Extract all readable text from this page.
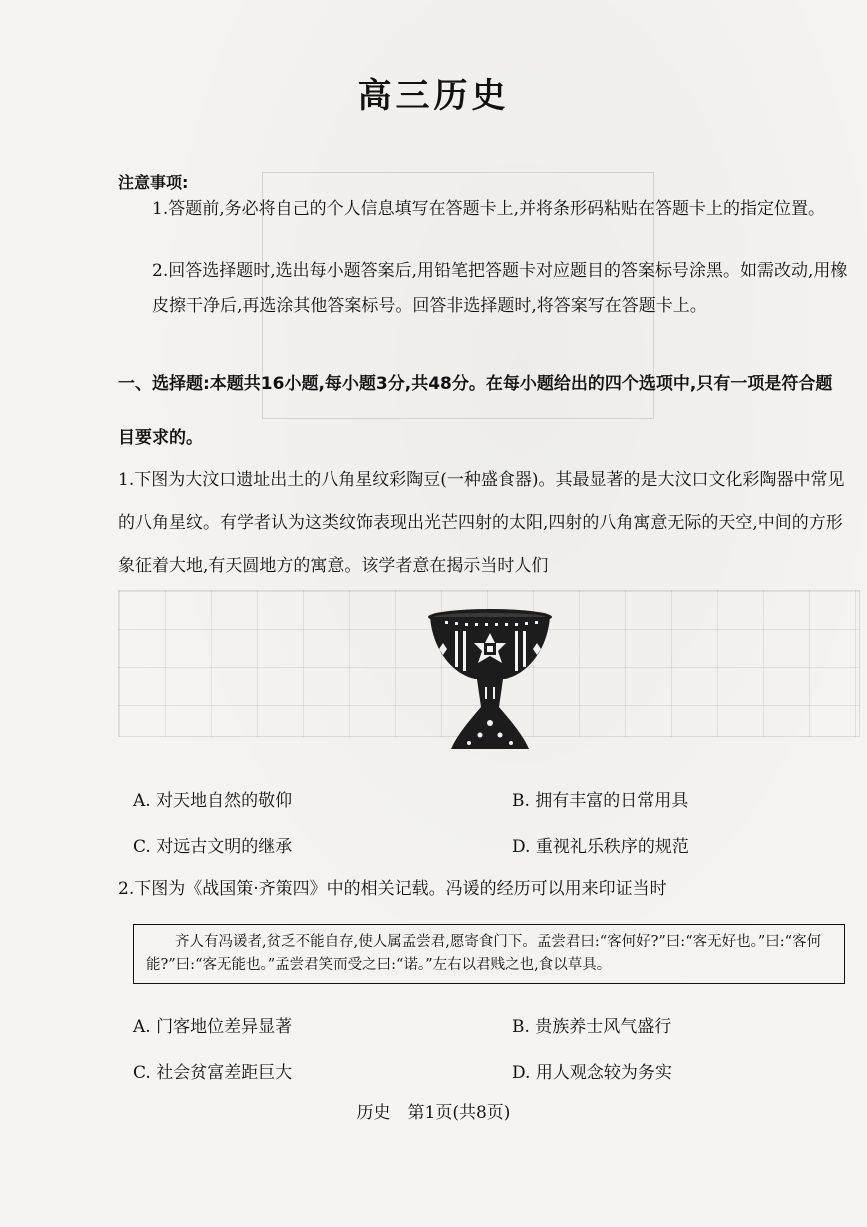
高三历史
注意事项:
1.答题前,务必将自己的个人信息填写在答题卡上,并将条形码粘贴在答题卡上的指定位置。
2.回答选择题时,选出每小题答案后,用铅笔把答题卡对应题目的答案标号涂黑。如需改动,用橡皮擦干净后,再选涂其他答案标号。回答非选择题时,将答案写在答题卡上。
一、选择题:本题共16小题,每小题3分,共48分。在每小题给出的四个选项中,只有一项是符合题目要求的。
1.下图为大汶口遗址出土的八角星纹彩陶豆(一种盛食器)。其最显著的是大汶口文化彩陶器中常见的八角星纹。有学者认为这类纹饰表现出光芒四射的太阳,四射的八角寓意无际的天空,中间的方形象征着大地,有天圆地方的寓意。该学者意在揭示当时人们
A. 对天地自然的敬仰	B. 拥有丰富的日常用具
C. 对远古文明的继承	D. 重视礼乐秩序的规范
2.下图为《战国策·齐策四》中的相关记载。冯谖的经历可以用来印证当时
齐人有冯谖者,贫乏不能自存,使人属孟尝君,愿寄食门下。孟尝君曰:“客何好?”曰:“客无好也。”曰:“客何能?”曰:“客无能也。”孟尝君笑而受之曰:“诺。”左右以君贱之也,食以草具。
A. 门客地位差异显著	B. 贵族养士风气盛行
C. 社会贫富差距巨大	D. 用人观念较为务实
历史　第1页(共8页)
